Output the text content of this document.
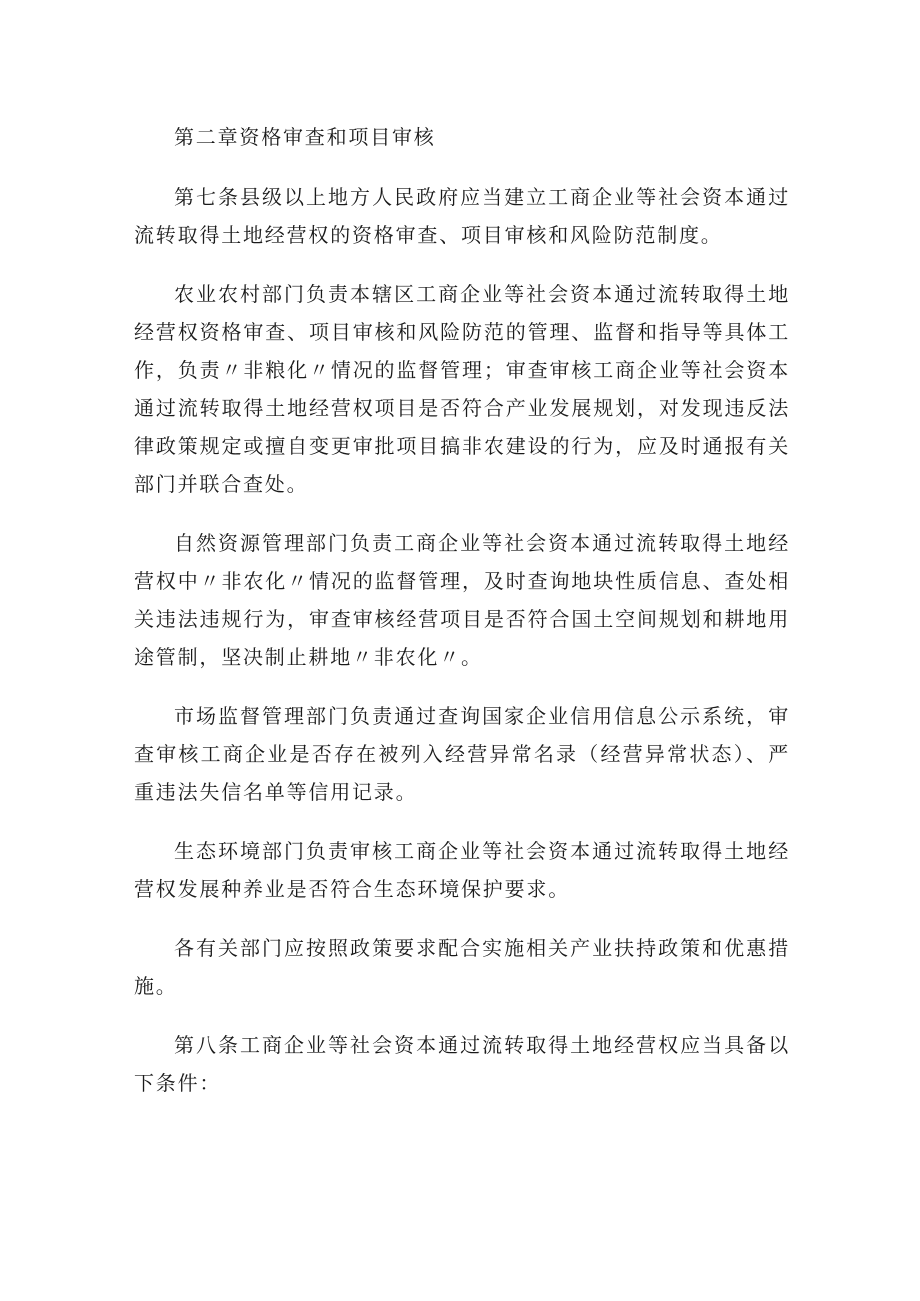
第二章资格审查和项目审核

第七条县级以上地方人民政府应当建立工商企业等社会资本通过流转取得土地经营权的资格审查、项目审核和风险防范制度。

农业农村部门负责本辖区工商企业等社会资本通过流转取得土地经营权资格审查、项目审核和风险防范的管理、监督和指导等具体工作，负责〃非粮化〃情况的监督管理；审查审核工商企业等社会资本通过流转取得土地经营权项目是否符合产业发展规划，对发现违反法律政策规定或擅自变更审批项目搞非农建设的行为，应及时通报有关部门并联合查处。

自然资源管理部门负责工商企业等社会资本通过流转取得土地经营权中〃非农化〃情况的监督管理，及时查询地块性质信息、查处相关违法违规行为，审查审核经营项目是否符合国土空间规划和耕地用途管制，坚决制止耕地〃非农化〃。

市场监督管理部门负责通过查询国家企业信用信息公示系统，审查审核工商企业是否存在被列入经营异常名录（经营异常状态）、严重违法失信名单等信用记录。

生态环境部门负责审核工商企业等社会资本通过流转取得土地经营权发展种养业是否符合生态环境保护要求。

各有关部门应按照政策要求配合实施相关产业扶持政策和优惠措施。

第八条工商企业等社会资本通过流转取得土地经营权应当具备以下条件：
